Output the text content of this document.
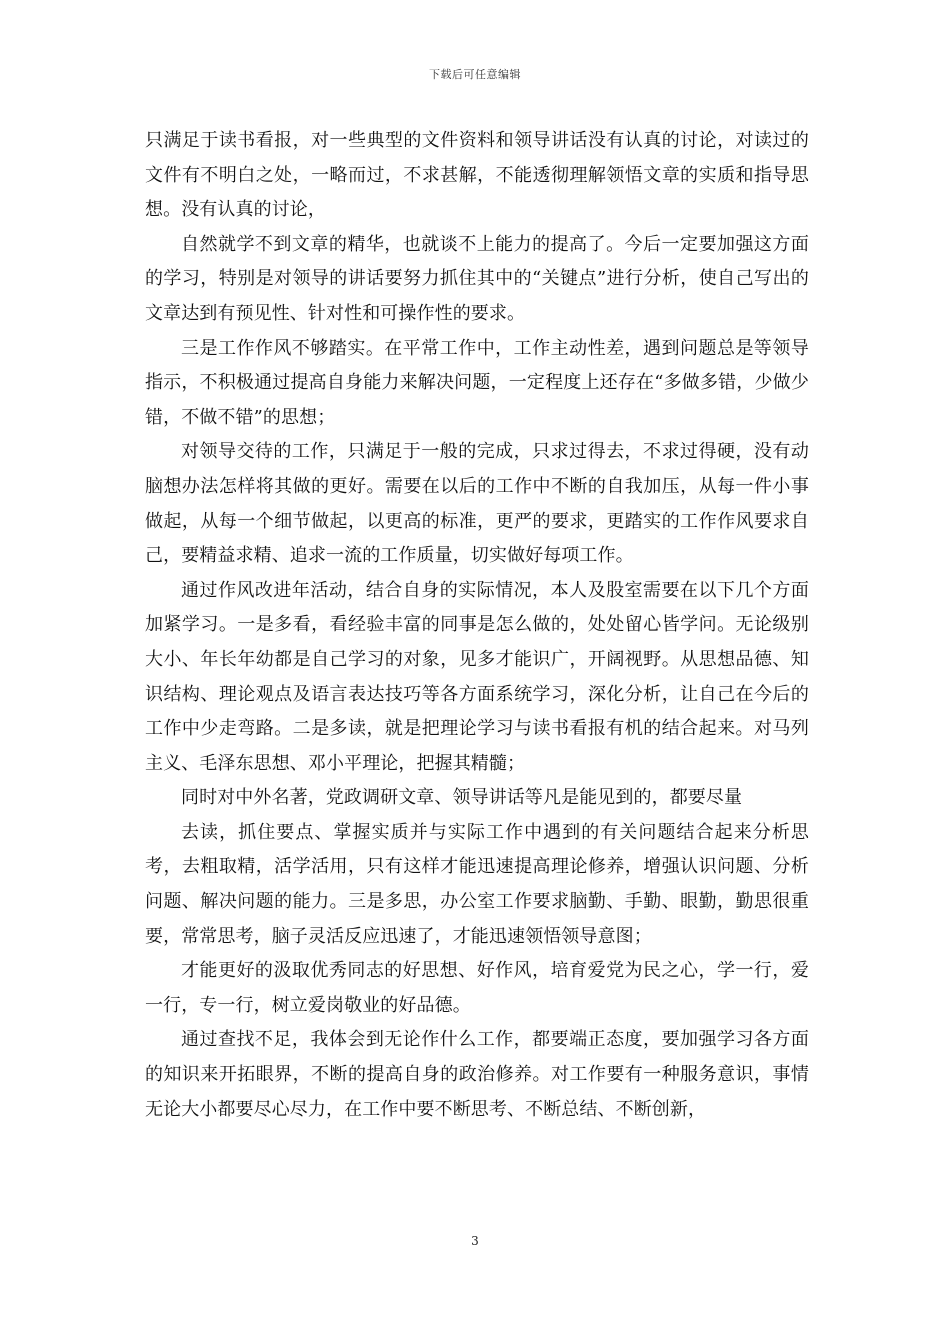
下载后可任意编辑

只满足于读书看报，对一些典型的文件资料和领导讲话没有认真的讨论，对读过的文件有不明白之处，一略而过，不求甚解，不能透彻理解领悟文章的实质和指导思想。没有认真的讨论，

自然就学不到文章的精华，也就谈不上能力的提高了。今后一定要加强这方面的学习，特别是对领导的讲话要努力抓住其中的“关键点”进行分析，使自己写出的文章达到有预见性、针对性和可操作性的要求。

三是工作作风不够踏实。在平常工作中，工作主动性差，遇到问题总是等领导指示，不积极通过提高自身能力来解决问题，一定程度上还存在“多做多错，少做少错，不做不错”的思想；

对领导交待的工作，只满足于一般的完成，只求过得去，不求过得硬，没有动脑想办法怎样将其做的更好。需要在以后的工作中不断的自我加压，从每一件小事做起，从每一个细节做起，以更高的标准，更严的要求，更踏实的工作作风要求自己，要精益求精、追求一流的工作质量，切实做好每项工作。

通过作风改进年活动，结合自身的实际情况，本人及股室需要在以下几个方面加紧学习。一是多看，看经验丰富的同事是怎么做的，处处留心皆学问。无论级别大小、年长年幼都是自己学习的对象，见多才能识广，开阔视野。从思想品德、知识结构、理论观点及语言表达技巧等各方面系统学习，深化分析，让自己在今后的工作中少走弯路。二是多读，就是把理论学习与读书看报有机的结合起来。对马列主义、毛泽东思想、邓小平理论，把握其精髓；

同时对中外名著，党政调研文章、领导讲话等凡是能见到的，都要尽量

去读，抓住要点、掌握实质并与实际工作中遇到的有关问题结合起来分析思考，去粗取精，活学活用，只有这样才能迅速提高理论修养，增强认识问题、分析问题、解决问题的能力。三是多思，办公室工作要求脑勤、手勤、眼勤，勤思很重要，常常思考，脑子灵活反应迅速了，才能迅速领悟领导意图；

才能更好的汲取优秀同志的好思想、好作风，培育爱党为民之心，学一行，爱一行，专一行，树立爱岗敬业的好品德。

通过查找不足，我体会到无论作什么工作，都要端正态度，要加强学习各方面的知识来开拓眼界，不断的提高自身的政治修养。对工作要有一种服务意识，事情无论大小都要尽心尽力，在工作中要不断思考、不断总结、不断创新，

3
